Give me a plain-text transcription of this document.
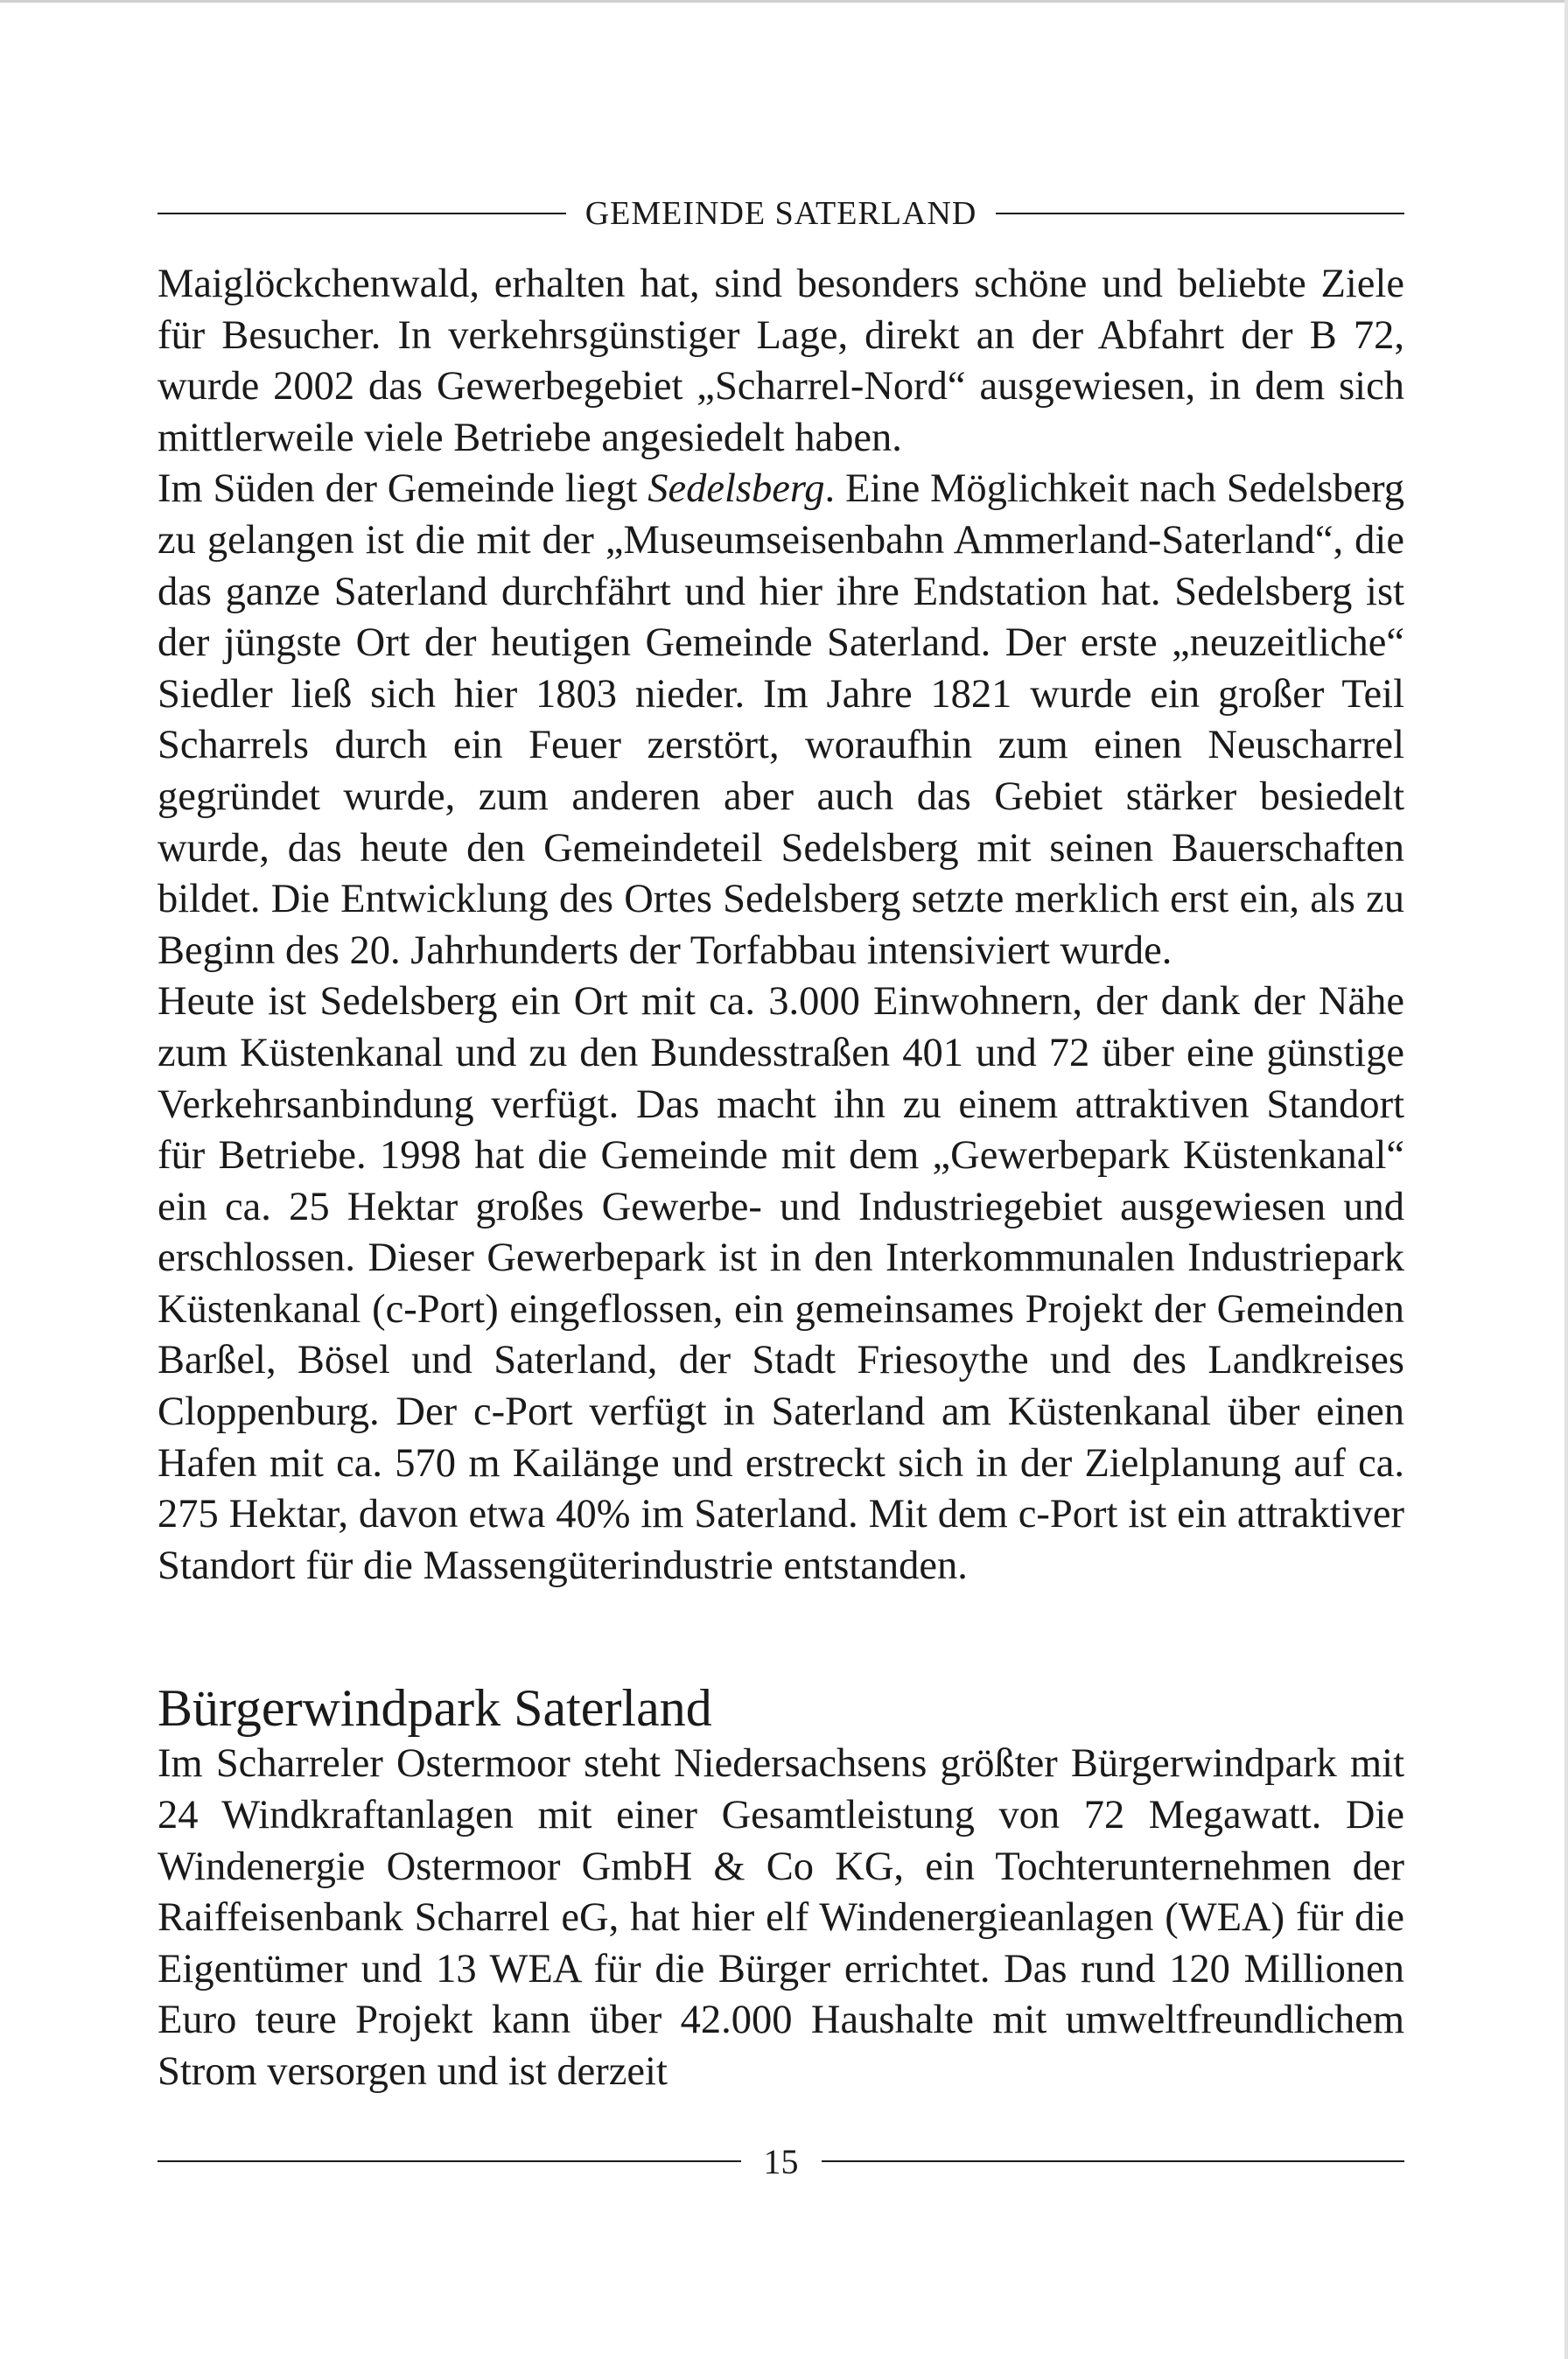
GEMEINDE SATERLAND

Maiglöckchenwald, erhalten hat, sind besonders schöne und beliebte Ziele für Besucher. In verkehrsgünstiger Lage, direkt an der Abfahrt der B 72, wurde 2002 das Gewerbegebiet „Scharrel-Nord“ ausgewiesen, in dem sich mittlerweile viele Betriebe angesiedelt haben.

Im Süden der Gemeinde liegt Sedelsberg. Eine Möglichkeit nach Sedelsberg zu gelangen ist die mit der „Museumseisenbahn Ammerland-Saterland“, die das ganze Saterland durchfährt und hier ihre Endstation hat. Sedelsberg ist der jüngste Ort der heutigen Gemeinde Saterland. Der erste „neuzeitliche“ Siedler ließ sich hier 1803 nieder. Im Jahre 1821 wurde ein großer Teil Scharrels durch ein Feuer zerstört, woraufhin zum einen Neuscharrel gegründet wurde, zum anderen aber auch das Gebiet stärker besiedelt wurde, das heute den Gemeindeteil Sedelsberg mit seinen Bauerschaften bildet. Die Entwicklung des Ortes Sedelsberg setzte merklich erst ein, als zu Beginn des 20. Jahrhunderts der Torfabbau intensiviert wurde.

Heute ist Sedelsberg ein Ort mit ca. 3.000 Einwohnern, der dank der Nähe zum Küstenkanal und zu den Bundesstraßen 401 und 72 über eine günstige Verkehrsanbindung verfügt. Das macht ihn zu einem attraktiven Standort für Betriebe. 1998 hat die Gemeinde mit dem „Gewerbepark Küstenkanal“ ein ca. 25 Hektar großes Gewerbe- und Industriegebiet ausgewiesen und erschlossen. Dieser Gewerbepark ist in den Interkommunalen Industriepark Küstenkanal (c-Port) eingeflossen, ein gemeinsames Projekt der Gemeinden Barßel, Bösel und Saterland, der Stadt Friesoythe und des Landkreises Cloppenburg. Der c-Port verfügt in Saterland am Küstenkanal über einen Hafen mit ca. 570 m Kailänge und erstreckt sich in der Zielplanung auf ca. 275 Hektar, davon etwa 40% im Saterland. Mit dem c-Port ist ein attraktiver Standort für die Massengüterindustrie entstanden.

Bürgerwindpark Saterland

Im Scharreler Ostermoor steht Niedersachsens größter Bürgerwindpark mit 24 Windkraftanlagen mit einer Gesamtleistung von 72 Megawatt. Die Windenergie Ostermoor GmbH & Co KG, ein Tochterunternehmen der Raiffeisenbank Scharrel eG, hat hier elf Windenergieanlagen (WEA) für die Eigentümer und 13 WEA für die Bürger errichtet. Das rund 120 Millionen Euro teure Projekt kann über 42.000 Haushalte mit umweltfreundlichem Strom versorgen und ist derzeit

15
